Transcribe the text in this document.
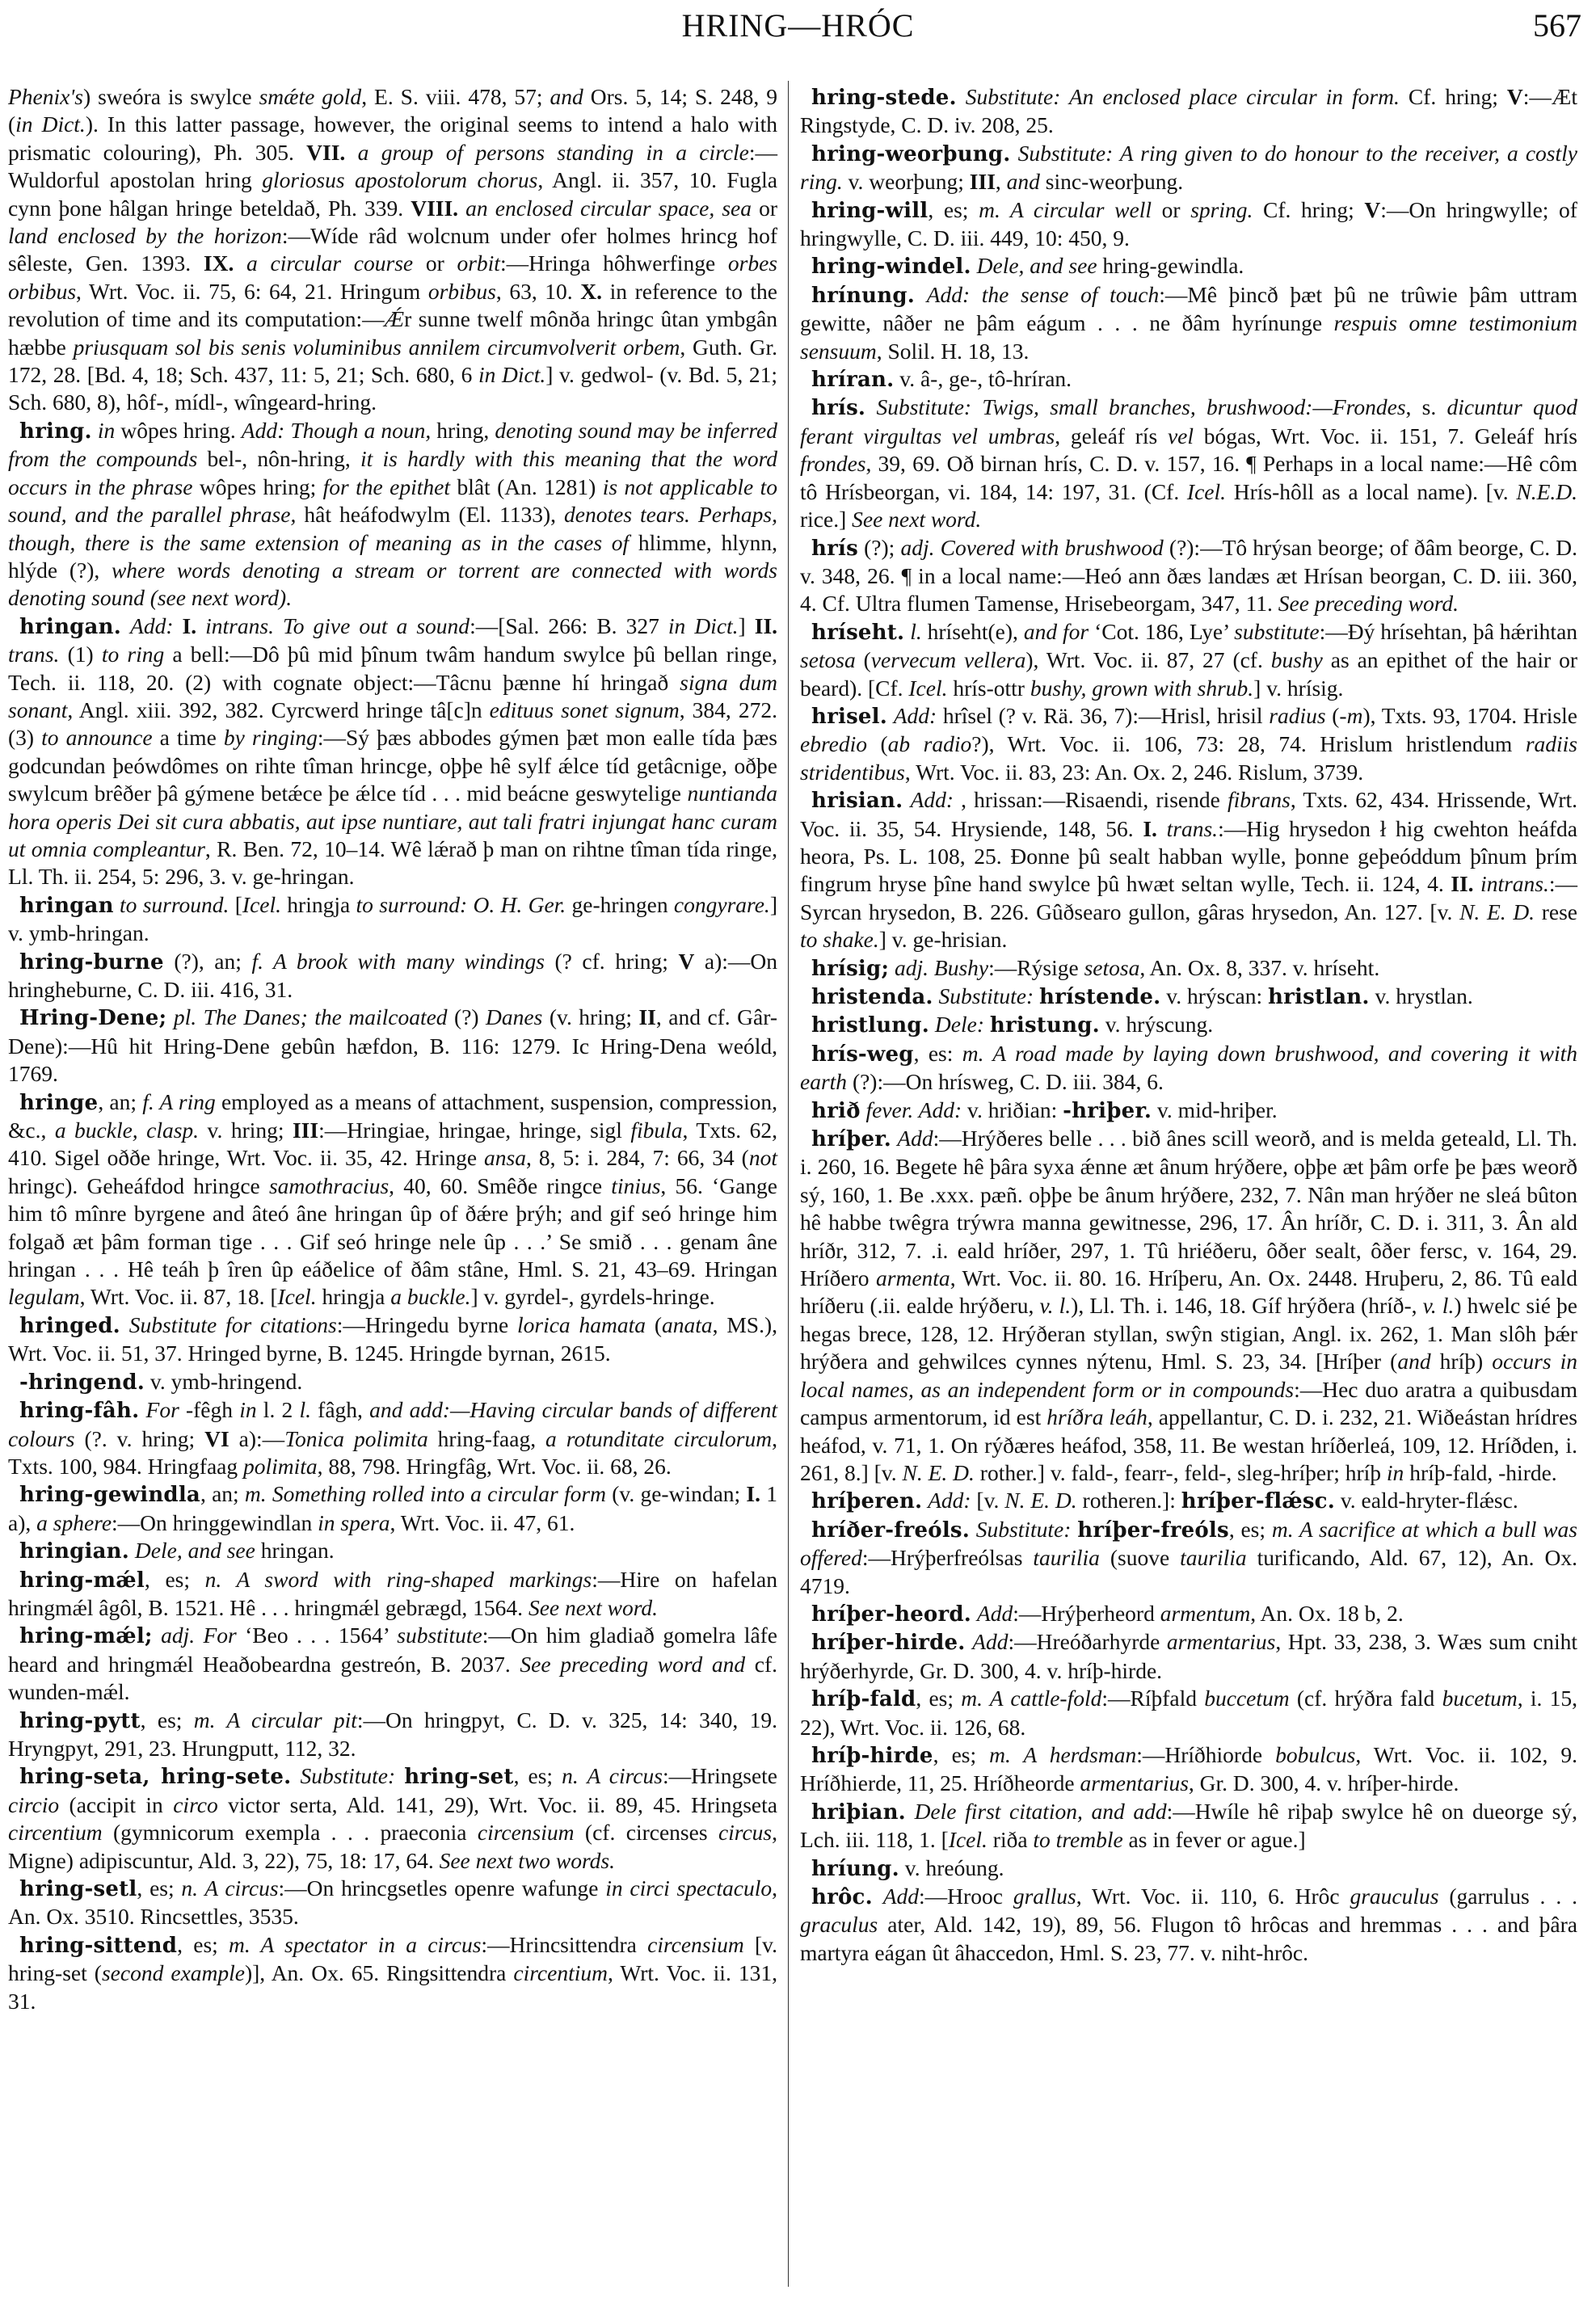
HRING—HRÓC	567

Phenix's) sweóra is swylce smǽte gold, E. S. viii. 478, 57; and Ors. 5, 14; S. 248, 9 (in Dict.). In this latter passage, however, the original seems to intend a halo with prismatic colouring), Ph. 305. VII. a group of persons standing in a circle:—Wuldorful apostolan hring gloriosus apostolorum chorus, Angl. ii. 357, 10. Fugla cynn þone hâlgan hringe beteldað, Ph. 339. VIII. an enclosed circular space, sea or land enclosed by the horizon:—Wíde râd wolcnum under ofer holmes hrincg hof sêleste, Gen. 1393. IX. a circular course or orbit:—Hringa hôhwerfinge orbes orbibus, Wrt. Voc. ii. 75, 6: 64, 21. Hringum orbibus, 63, 10. X. in reference to the revolution of time and its computation:—Ǽr sunne twelf mônða hringc ûtan ymbgân hæbbe priusquam sol bis senis voluminibus annilem circumvolverit orbem, Guth. Gr. 172, 28. [Bd. 4, 18; Sch. 437, 11: 5, 21; Sch. 680, 6 in Dict.] v. gedwol- (v. Bd. 5, 21; Sch. 680, 8), hôf-, mídl-, wîngeard-hring.

hring. in wôpes hring. Add: Though a noun, hring, denoting sound may be inferred from the compounds bel-, nôn-hring, it is hardly with this meaning that the word occurs in the phrase wôpes hring; for the epithet blât (An. 1281) is not applicable to sound, and the parallel phrase, hât heáfodwylm (El. 1133), denotes tears. Perhaps, though, there is the same extension of meaning as in the cases of hlimme, hlynn, hlýde (?), where words denoting a stream or torrent are connected with words denoting sound (see next word).

hringan. Add: I. intrans. To give out a sound:—[Sal. 266: B. 327 in Dict.] II. trans. (1) to ring a bell:—Dô þû mid þînum twâm handum swylce þû bellan ringe, Tech. ii. 118, 20. (2) with cognate object:—Tâcnu þænne hí hringað signa dum sonant, Angl. xiii. 392, 382. Cyrcwerd hringe tâ[c]n edituus sonet signum, 384, 272. (3) to announce a time by ringing:—Sý þæs abbodes gýmen þæt mon ealle tída þæs godcundan þeówdômes on rihte tîman hrincge, oþþe hê sylf ǽlce tíd getâcnige, oðþe swylcum brêðer þâ gýmene betǽce þe ǽlce tíd . . . mid beácne geswytelige nuntianda hora operis Dei sit cura abbatis, aut ipse nuntiare, aut tali fratri injungat hanc curam ut omnia compleantur, R. Ben. 72, 10–14. Wê lǽrað þ man on rihtne tîman tída ringe, Ll. Th. ii. 254, 5: 296, 3. v. ge-hringan.

hringan to surround. [Icel. hringja to surround: O. H. Ger. ge-hringen congyrare.] v. ymb-hringan.

hring-burne (?), an; f. A brook with many windings (? cf. hring; V a):—On hringheburne, C. D. iii. 416, 31.

Hring-Dene; pl. The Danes; the mailcoated (?) Danes (v. hring; II, and cf. Gâr-Dene):—Hû hit Hring-Dene gebûn hæfdon, B. 116: 1279. Ic Hring-Dena weóld, 1769.

hringe, an; f. A ring employed as a means of attachment, suspension, compression, &c., a buckle, clasp. v. hring; III:—Hringiae, hringae, hringe, sigl fibula, Txts. 62, 410. Sigel oððe hringe, Wrt. Voc. ii. 35, 42. Hringe ansa, 8, 5: i. 284, 7: 66, 34 (not hringc). Geheáfdod hringce samothracius, 40, 60. Smêðe ringce tinius, 56. ‘Gange him tô mînre byrgene and âteó âne hringan ûp of ðǽre þrýh; and gif seó hringe him folgað æt þâm forman tige . . . Gif seó hringe nele ûp . . .’ Se smið . . . genam âne hringan . . . Hê teáh þ îren ûp eáðelice of ðâm stâne, Hml. S. 21, 43–69. Hringan legulam, Wrt. Voc. ii. 87, 18. [Icel. hringja a buckle.] v. gyrdel-, gyrdels-hringe.

hringed. Substitute for citations:—Hringedu byrne lorica hamata (anata, MS.), Wrt. Voc. ii. 51, 37. Hringed byrne, B. 1245. Hringde byrnan, 2615.

-hringend. v. ymb-hringend.

hring-fâh. For -fêgh in l. 2 l. fâgh, and add:—Having circular bands of different colours (?. v. hring; VI a):—Tonica polimita hring-faag, a rotunditate circulorum, Txts. 100, 984. Hringfaag polimita, 88, 798. Hringfâg, Wrt. Voc. ii. 68, 26.

hring-gewindla, an; m. Something rolled into a circular form (v. ge-windan; I. 1 a), a sphere:—On hringgewindlan in spera, Wrt. Voc. ii. 47, 61.

hringian. Dele, and see hringan.

hring-mǽl, es; n. A sword with ring-shaped markings:—Hire on hafelan hringmǽl âgôl, B. 1521. Hê . . . hringmǽl gebrægd, 1564. See next word.

hring-mǽl; adj. For ‘Beo . . . 1564’ substitute:—On him gladiað gomelra lâfe heard and hringmǽl Heaðobeardna gestreón, B. 2037. See preceding word and cf. wunden-mǽl.

hring-pytt, es; m. A circular pit:—On hringpyt, C. D. v. 325, 14: 340, 19. Hryngpyt, 291, 23. Hrungputt, 112, 32.

hring-seta, hring-sete. Substitute: hring-set, es; n. A circus:—Hringsete circio (accipit in circo victor serta, Ald. 141, 29), Wrt. Voc. ii. 89, 45. Hringseta circentium (gymnicorum exempla . . . praeconia circensium (cf. circenses circus, Migne) adipiscuntur, Ald. 3, 22), 75, 18: 17, 64. See next two words.

hring-setl, es; n. A circus:—On hrincgsetles openre wafunge in circi spectaculo, An. Ox. 3510. Rincsettles, 3535.

hring-sittend, es; m. A spectator in a circus:—Hrincsittendra circensium [v. hring-set (second example)], An. Ox. 65. Ringsittendra circentium, Wrt. Voc. ii. 131, 31.

hring-stede. Substitute: An enclosed place circular in form. Cf. hring; V:—Æt Ringstyde, C. D. iv. 208, 25.

hring-weorþung. Substitute: A ring given to do honour to the receiver, a costly ring. v. weorþung; III, and sinc-weorþung.

hring-will, es; m. A circular well or spring. Cf. hring; V:—On hringwylle; of hringwylle, C. D. iii. 449, 10: 450, 9.

hring-windel. Dele, and see hring-gewindla.

hrínung. Add: the sense of touch:—Mê þincð þæt þû ne trûwie þâm uttram gewitte, nâðer ne þâm eágum . . . ne ðâm hyrínunge respuis omne testimonium sensuum, Solil. H. 18, 13.

hríran. v. â-, ge-, tô-hríran.

hrís. Substitute: Twigs, small branches, brushwood:—Frondes, s. dicuntur quod ferant virgultas vel umbras, geleáf rís vel bógas, Wrt. Voc. ii. 151, 7. Geleáf hrís frondes, 39, 69. Oð birnan hrís, C. D. v. 157, 16. ¶ Perhaps in a local name:—Hê côm tô Hrísbeorgan, vi. 184, 14: 197, 31. (Cf. Icel. Hrís-hôll as a local name). [v. N.E.D. rice.] See next word.

hrís (?); adj. Covered with brushwood (?):—Tô hrýsan beorge; of ðâm beorge, C. D. v. 348, 26. ¶ in a local name:—Heó ann ðæs landæs æt Hrísan beorgan, C. D. iii. 360, 4. Cf. Ultra flumen Tamense, Hrisebeorgam, 347, 11. See preceding word.

hríseht. l. hríseht(e), and for ‘Cot. 186, Lye’ substitute:—Ðý hrísehtan, þâ hǽrihtan setosa (vervecum vellera), Wrt. Voc. ii. 87, 27 (cf. bushy as an epithet of the hair or beard). [Cf. Icel. hrís-ottr bushy, grown with shrub.] v. hrísig.

hrisel. Add: hrîsel (? v. Rä. 36, 7):—Hrisl, hrisil radius (-m), Txts. 93, 1704. Hrisle ebredio (ab radio?), Wrt. Voc. ii. 106, 73: 28, 74. Hrislum hristlendum radiis stridentibus, Wrt. Voc. ii. 83, 23: An. Ox. 2, 246. Rislum, 3739.

hrisian. Add: , hrissan:—Risaendi, risende fibrans, Txts. 62, 434. Hrissende, Wrt. Voc. ii. 35, 54. Hrysiende, 148, 56. I. trans.:—Hig hrysedon ł hig cwehton heáfda heora, Ps. L. 108, 25. Ðonne þû sealt habban wylle, þonne geþeóddum þînum þrím fingrum hryse þîne hand swylce þû hwæt seltan wylle, Tech. ii. 124, 4. II. intrans.:—Syrcan hrysedon, B. 226. Gûðsearo gullon, gâras hrysedon, An. 127. [v. N. E. D. rese to shake.] v. ge-hrisian.

hrísig; adj. Bushy:—Rýsige setosa, An. Ox. 8, 337. v. hríseht.

hristenda. Substitute: hrístende. v. hrýscan: hristlan. v. hrystlan.

hristlung. Dele: hristung. v. hrýscung.

hrís-weg, es: m. A road made by laying down brushwood, and covering it with earth (?):—On hrísweg, C. D. iii. 384, 6.

hrið fever. Add: v. hriðian: -hriþer. v. mid-hriþer.

hríþer. Add:—Hrýðeres belle . . . bið ânes scill weorð, and is melda geteald, Ll. Th. i. 260, 16. Begete hê þâra syxa ǽnne æt ânum hrýðere, oþþe æt þâm orfe þe þæs weorð sý, 160, 1. Be .xxx. pæñ. oþþe be ânum hrýðere, 232, 7. Nân man hrýðer ne sleá bûton hê habbe twêgra trýwra manna gewitnesse, 296, 17. Ân hríðr, C. D. i. 311, 3. Ân ald hríðr, 312, 7. .i. eald hríðer, 297, 1. Tû hriéðeru, ôðer sealt, ôðer fersc, v. 164, 29. Hríðero armenta, Wrt. Voc. ii. 80. 16. Hríþeru, An. Ox. 2448. Hruþeru, 2, 86. Tû eald hríðeru (.ii. ealde hrýðeru, v. l.), Ll. Th. i. 146, 18. Gíf hrýðera (hríð-, v. l.) hwelc sié þe hegas brece, 128, 12. Hrýðeran styllan, swŷn stigian, Angl. ix. 262, 1. Man slôh þǽr hrýðera and gehwilces cynnes nýtenu, Hml. S. 23, 34. [Hríþer (and hríþ) occurs in local names, as an independent form or in compounds:—Hec duo aratra a quibusdam campus armentorum, id est hríðra leáh, appellantur, C. D. i. 232, 21. Wiðeástan hrídres heáfod, v. 71, 1. On rýðæres heáfod, 358, 11. Be westan hríðerleá, 109, 12. Hríðden, i. 261, 8.] [v. N. E. D. rother.] v. fald-, fearr-, feld-, sleg-hríþer; hríþ in hríþ-fald, -hirde.

hríþeren. Add: [v. N. E. D. rotheren.]: hríþer-flǽsc. v. eald-hryter-flǽsc.

hríðer-freóls. Substitute: hríþer-freóls, es; m. A sacrifice at which a bull was offered:—Hrýþerfreólsas taurilia (suove taurilia turificando, Ald. 67, 12), An. Ox. 4719.

hríþer-heord. Add:—Hrýþerheord armentum, An. Ox. 18 b, 2.

hríþer-hirde. Add:—Hreóðarhyrde armentarius, Hpt. 33, 238, 3. Wæs sum cniht hrýðerhyrde, Gr. D. 300, 4. v. hríþ-hirde.

hríþ-fald, es; m. A cattle-fold:—Ríþfald buccetum (cf. hrýðra fald bucetum, i. 15, 22), Wrt. Voc. ii. 126, 68.

hríþ-hirde, es; m. A herdsman:—Hríðhiorde bobulcus, Wrt. Voc. ii. 102, 9. Hríðhierde, 11, 25. Hríðheorde armentarius, Gr. D. 300, 4. v. hríþer-hirde.

hriþian. Dele first citation, and add:—Hwíle hê riþaþ swylce hê on dueorge sý, Lch. iii. 118, 1. [Icel. riða to tremble as in fever or ague.]

hríung. v. hreóung.

hrôc. Add:—Hrooc grallus, Wrt. Voc. ii. 110, 6. Hrôc grauculus (garrulus . . . graculus ater, Ald. 142, 19), 89, 56. Flugon tô hrôcas and hremmas . . . and þâra martyra eágan ût âhaccedon, Hml. S. 23, 77. v. niht-hrôc.
